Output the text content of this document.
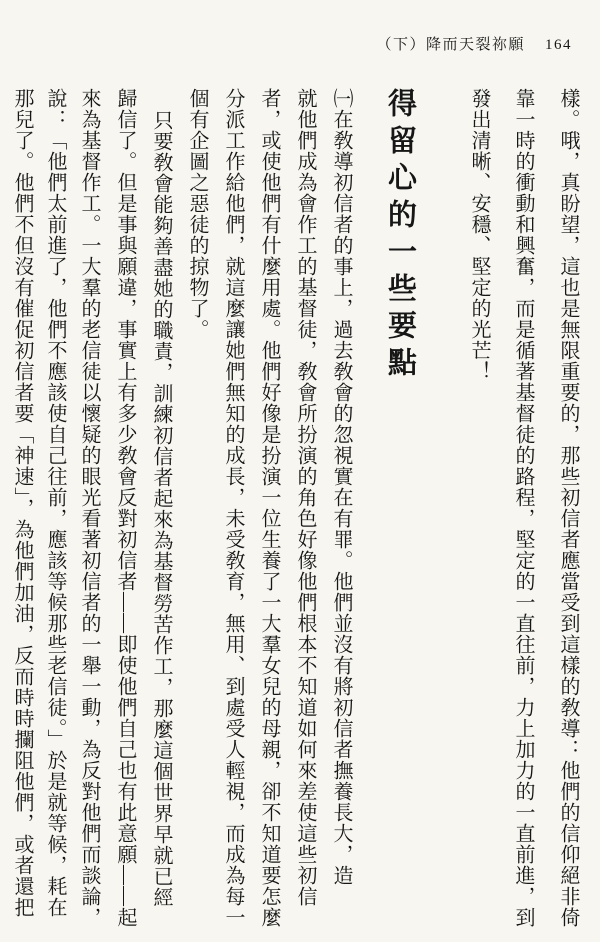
（下）降而天裂祢願 164
樣。哦，真盼望，這也是無限重要的，那些初信者應當受到這樣的敎導：他們的信仰絕非倚
靠一時的衝動和興奮，而是循著基督徒的路程，堅定的一直往前，力上加力的一直前進，到
發出清晰、安穩、堅定的光芒！
得留心的一些要點
㈠在敎導初信者的事上，過去敎會的忽視實在有罪。他們並沒有將初信者撫養長大，造
就他們成為會作工的基督徒，敎會所扮演的角色好像他們根本不知道如何來差使這些初信
者，或使他們有什麼用處。他們好像是扮演一位生養了一大羣女兒的母親，卻不知道要怎麼
分派工作給他們，就這麼讓她們無知的成長，未受敎育，無用、到處受人輕視，而成為每一
個有企圖之惡徒的掠物了。
只要敎會能夠善盡她的職責，訓練初信者起來為基督勞苦作工，那麼這個世界早就已經
歸信了。但是事與願違，事實上有多少敎會反對初信者——即使他們自己也有此意願——起
來為基督作工。一大羣的老信徒以懷疑的眼光看著初信者的一舉一動，為反對他們而談論，
說：「他們太前進了，他們不應該使自己往前，應該等候那些老信徒。」於是就等候，耗在
那兒了。他們不但沒有催促初信者要「神速」，為他們加油，反而時時攔阻他們，或者還把
